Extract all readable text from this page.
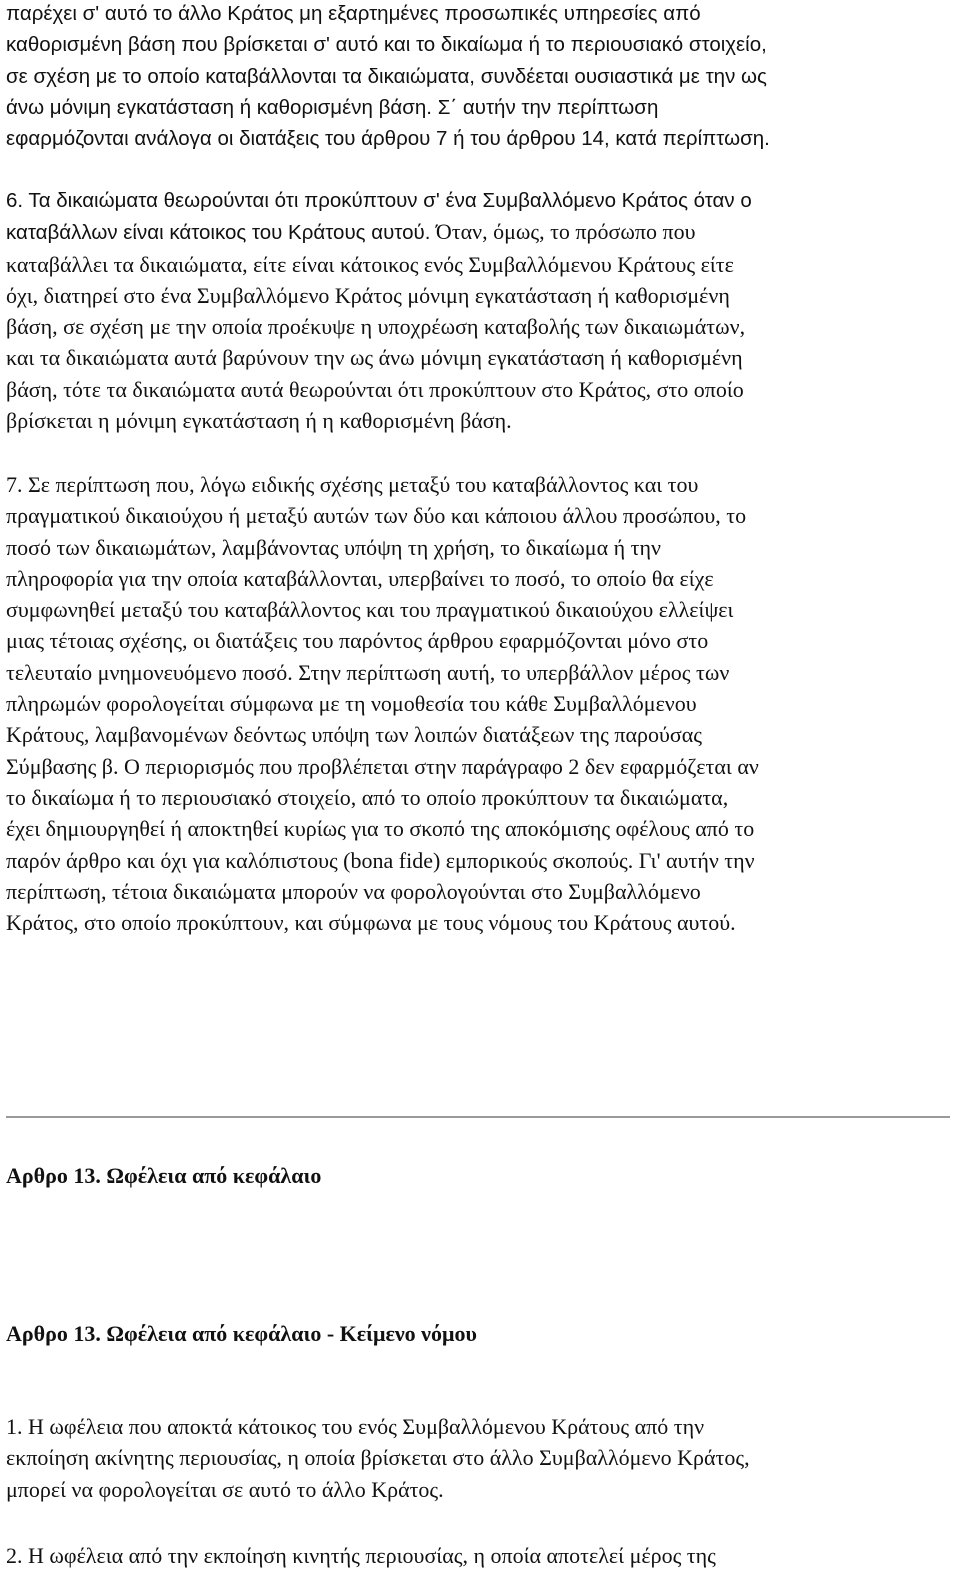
παρέχει σ' αυτό το άλλο Κράτος μη εξαρτημένες προσωπικές υπηρεσίες από
καθορισμένη βάση που βρίσκεται σ' αυτό και το δικαίωμα ή το περιουσιακό στοιχείο,
σε σχέση με το οποίο καταβάλλονται τα δικαιώματα, συνδέεται ουσιαστικά με την ως
άνω μόνιμη εγκατάσταση ή καθορισμένη βάση. Σ΄ αυτήν την περίπτωση
εφαρμόζονται ανάλογα οι διατάξεις του άρθρου 7 ή του άρθρου 14, κατά περίπτωση.

6. Τα δικαιώματα θεωρούνται ότι προκύπτουν σ' ένα Συμβαλλόμενο Κράτος όταν ο
καταβάλλων είναι κάτοικος του Κράτους αυτού. Όταν, όμως, το πρόσωπο που
καταβάλλει τα δικαιώματα, είτε είναι κάτοικος ενός Συμβαλλόμενου Κράτους είτε
όχι, διατηρεί στο ένα Συμβαλλόμενο Κράτος μόνιμη εγκατάσταση ή καθορισμένη
βάση, σε σχέση με την οποία προέκυψε η υποχρέωση καταβολής των δικαιωμάτων,
και τα δικαιώματα αυτά βαρύνουν την ως άνω μόνιμη εγκατάσταση ή καθορισμένη
βάση, τότε τα δικαιώματα αυτά θεωρούνται ότι προκύπτουν στο Κράτος, στο οποίο
βρίσκεται η μόνιμη εγκατάσταση ή η καθορισμένη βάση.

7. Σε περίπτωση που, λόγω ειδικής σχέσης μεταξύ του καταβάλλοντος και του
πραγματικού δικαιούχου ή μεταξύ αυτών των δύο και κάποιου άλλου προσώπου, το
ποσό των δικαιωμάτων, λαμβάνοντας υπόψη τη χρήση, το δικαίωμα ή την
πληροφορία για την οποία καταβάλλονται, υπερβαίνει το ποσό, το οποίο θα είχε
συμφωνηθεί μεταξύ του καταβάλλοντος και του πραγματικού δικαιούχου ελλείψει
μιας τέτοιας σχέσης, οι διατάξεις του παρόντος άρθρου εφαρμόζονται μόνο στο
τελευταίο μνημονευόμενο ποσό. Στην περίπτωση αυτή, το υπερβάλλον μέρος των
πληρωμών φορολογείται σύμφωνα με τη νομοθεσία του κάθε Συμβαλλόμενου
Κράτους, λαμβανομένων δεόντως υπόψη των λοιπών διατάξεων της παρούσας
Σύμβασης β. Ο περιορισμός που προβλέπεται στην παράγραφο 2 δεν εφαρμόζεται αν
το δικαίωμα ή το περιουσιακό στοιχείο, από το οποίο προκύπτουν τα δικαιώματα,
έχει δημιουργηθεί ή αποκτηθεί κυρίως για το σκοπό της αποκόμισης οφέλους από το
παρόν άρθρο και όχι για καλόπιστους (bona fide) εμπορικούς σκοπούς. Γι' αυτήν την
περίπτωση, τέτοια δικαιώματα μπορούν να φορολογούνται στο Συμβαλλόμενο
Κράτος, στο οποίο προκύπτουν, και σύμφωνα με τους νόμους του Κράτους αυτού.

Αρθρο 13. Ωφέλεια από κεφάλαιο
Αρθρο 13. Ωφέλεια από κεφάλαιο - Κείμενο νόμου

1. Η ωφέλεια που αποκτά κάτοικος του ενός Συμβαλλόμενου Κράτους από την
εκποίηση ακίνητης περιουσίας, η οποία βρίσκεται στο άλλο Συμβαλλόμενο Κράτος,
μπορεί να φορολογείται σε αυτό το άλλο Κράτος.

2. Η ωφέλεια από την εκποίηση κινητής περιουσίας, η οποία αποτελεί μέρος της
